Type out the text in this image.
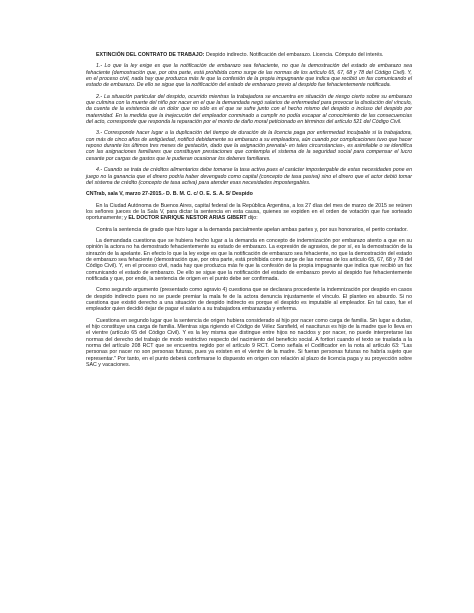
EXTINCIÓN DEL CONTRATO DE TRABAJO: Despido indirecto. Notificación del embarazo. Licencia. Cómputo del interés.

1.- Lo que la ley exige es que la notificación de embarazo sea fehaciente, no que la demostración del estado de embarazo sea fehaciente (demostración que, por otra parte, está prohibida como surge de las normas de los artículo 65, 67, 68 y 78 del Código Civil). Y, en el proceso civil, nada hay que produzca más fe que la confesión de la propia impugnante que indica que recibió un fax comunicando el estado de embarazo. De ello se sigue que la notificación del estado de embarazo previo al despido fue fehacientemente notificada.

2.- La situación particular del despido, ocurrido mientras la trabajadora se encuentra en situación de riesgo cierto sobre su embarazo que culmina con la muerte del niño por nacer en el que la demandada negó salarios de enfermedad para provocar la disolución del vínculo, da cuenta de la existencia de un dolor que no sólo es el que se sufre junto con el hecho mismo del despido o incluso del despido por maternidad. En la medida que la inejecución del empleador conminado a cumplir no podía escapar al conocimiento de las consecuencias del acto, corresponde que responda la reparación por el monto de daño moral peticionado en términos del artículo 521 del Código Civil.

3.- Corresponde hacer lugar a la duplicación del tiempo de duración de la licencia paga por enfermedad inculpable si la trabajadora, con más de cinco años de antigüedad, notificó debidamente su embarazo a su empleadora, aún cuando por complicaciones tuvo que hacer reposo durante los últimos tres meses de gestación, dado que la asignación prenatal- en tales circunstancias-, es asimilable o se identifica con las asignaciones familiares que constituyen prestaciones que contempla el sistema de la seguridad social para compensar el lucro cesante por cargas de gastos que le pudieran ocasionar los deberes familiares.

4.- Cuando se trata de créditos alimentarios debe tomarse la tasa activa pues el carácter impostergable de estas necesidades pone en juego no la ganancia que el dinero podría haber devengado como capital (concepto de tasa pasiva) sino el dinero que el actor debió tomar del sistema de crédito (concepto de tasa activa) para atender esas necesidades impostergables.

CNTrab, sala V, marzo 27-2015.- D. B. M. C. c/ O. E. S. A. S/ Despido

En la Ciudad Autónoma de Buenos Aires, capital federal de la República Argentina, a los 27 días del mes de marzo de 2015 se reúnen los señores jueces de la Sala V, para dictar la sentencia en esta causa, quienes se expiden en el orden de votación que fue sorteado oportunamente; y EL DOCTOR ENRIQUE NESTOR ARIAS GIBERT dijo:

Contra la sentencia de grado que hizo lugar a la demanda parcialmente apelan ambas partes y, por sus honorarios, el perito contador.

La demandada cuestiona que se hubiera hecho lugar a la demanda en concepto de indemnización por embarazo atento a que en su opinión la actora no ha demostrado fehacientemente su estado de embarazo. La expresión de agravios, de por sí, es la demostración de la sinrazón de la apelante. En efecto lo que la ley exige es que la notificación de embarazo sea fehaciente, no que la demostración del estado de embarazo sea fehaciente (demostración que, por otra parte, está prohibida como surge de las normas de los artículo 65, 67, 68 y 78 del Código Civil). Y, en el proceso civil, nada hay que produzca más fe que la confesión de la propia impugnante que indica que recibió un fax comunicando el estado de embarazo. De ello se sigue que la notificación del estado de embarazo previo al despido fue fehacientemente notificada y que, por ende, la sentencia de origen en el punto debe ser confirmada.

Como segundo argumento (presentado como agravio 4) cuestiona que se declarara procedente la indemnización por despido en casos de despido indirecto pues no se puede premiar la mala fe de la actora denuncia injustamente el vínculo. El planteo es absurdo. Si no cuestiona que existió derecho a una situación de despido indirecto es porque el despido es imputable al empleador. En tal caso, fue el empleador quien decidió dejar de pagar el salario a su trabajadora embarazada y enferma.

Cuestiona en segundo lugar que la sentencia de origen hubiera considerado al hijo por nacer como carga de familia. Sin lugar a dudas, el hijo constituye una carga de familia. Mientras siga rigiendo el Código de Vélez Sarsfield, el nasciturus es hijo de la madre que lo lleva en el vientre (artículo 65 del Código Civil). Y es la ley misma que distingue entre hijos no nacidos y por nacer, no puede interpretarse las normas del derecho del trabajo de modo restrictivo respecto del nacimiento del beneficio social. A fortiori cuando el texto se traslada a la norma del artículo 208 RCT que se encuentra regido por el artículo 9 RCT. Como señala el Codificador en la nota al artículo 63: "Las personas por nacer no son personas futuras, pues ya existen en el vientre de la madre. Si fueran personas futuras no habría sujeto que representar." Por tanto, en el punto deberá confirmarse lo dispuesto en origen con relación al plazo de licencia paga y su proyección sobre SAC y vacaciones.
